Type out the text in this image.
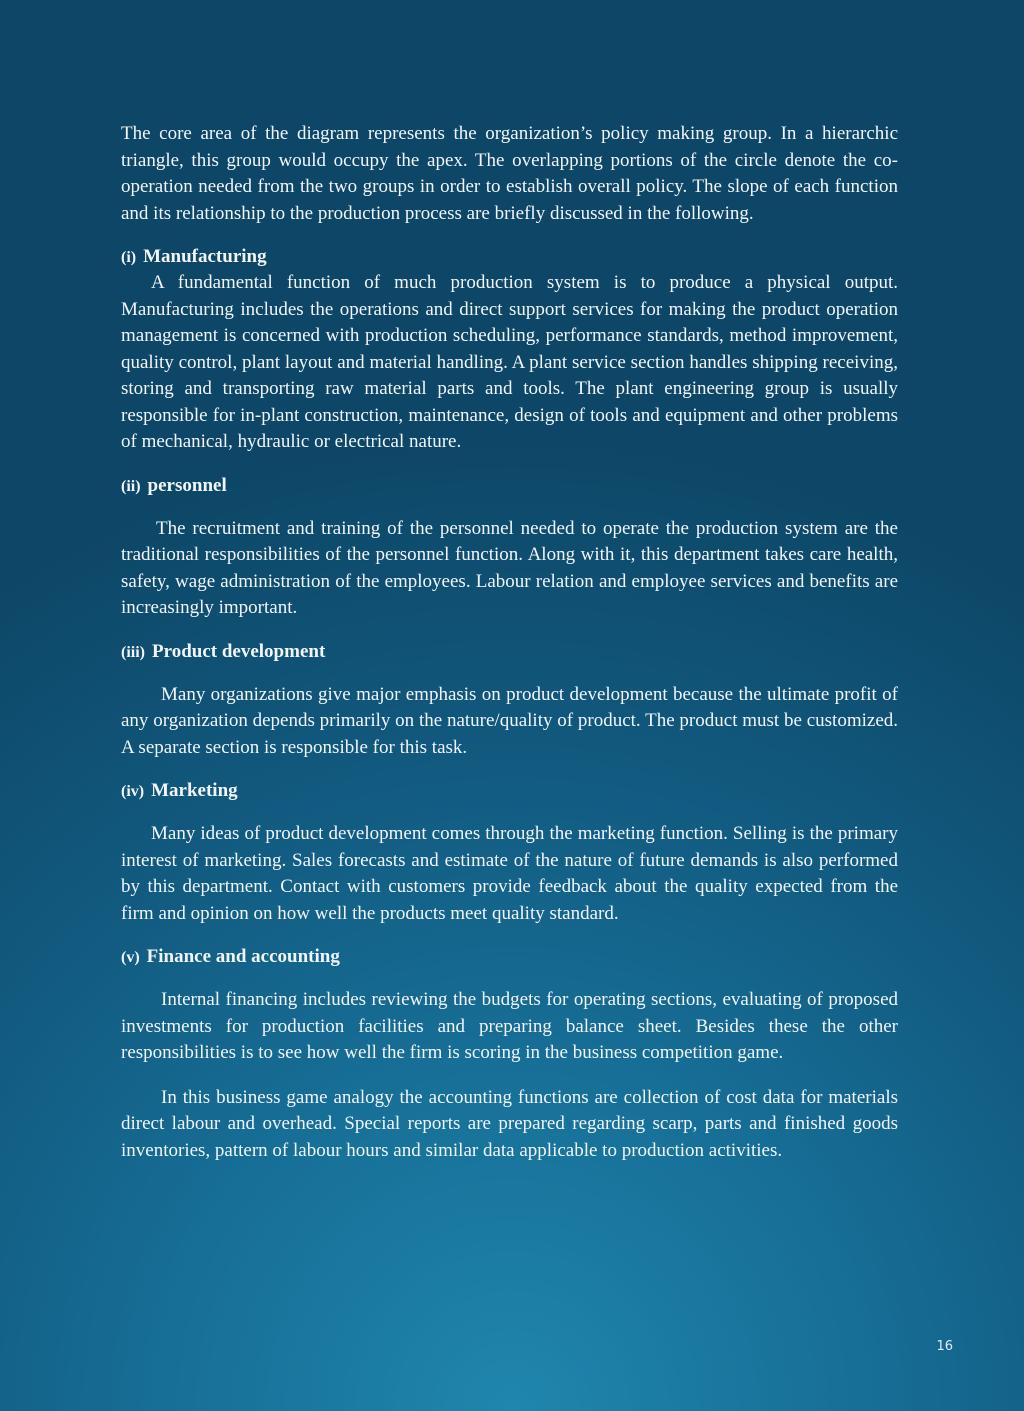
The core area of the diagram represents the organization’s policy making group. In a hierarchic triangle, this group would occupy the apex. The overlapping portions of the circle denote the co-operation needed from the two groups in order to establish overall policy. The slope of each function and its relationship to the production process are briefly discussed in the following.

(i) Manufacturing

A fundamental function of much production system is to produce a physical output. Manufacturing includes the operations and direct support services for making the product operation management is concerned with production scheduling, performance standards, method improvement, quality control, plant layout and material handling. A plant service section handles shipping receiving, storing and transporting raw material parts and tools. The plant engineering group is usually responsible for in-plant construction, maintenance, design of tools and equipment and other problems of mechanical, hydraulic or electrical nature.

(ii) personnel

The recruitment and training of the personnel needed to operate the production system are the traditional responsibilities of the personnel function. Along with it, this department takes care health, safety, wage administration of the employees. Labour relation and employee services and benefits are increasingly important.

(iii) Product development

Many organizations give major emphasis on product development because the ultimate profit of any organization depends primarily on the nature/quality of product. The product must be customized. A separate section is responsible for this task.

(iv) Marketing

Many ideas of product development comes through the marketing function. Selling is the primary interest of marketing. Sales forecasts and estimate of the nature of future demands is also performed by this department. Contact with customers provide feedback about the quality expected from the firm and opinion on how well the products meet quality standard.

(v) Finance and accounting

Internal financing includes reviewing the budgets for operating sections, evaluating of proposed investments for production facilities and preparing balance sheet. Besides these the other responsibilities is to see how well the firm is scoring in the business competition game.

In this business game analogy the accounting functions are collection of cost data for materials direct labour and overhead. Special reports are prepared regarding scarp, parts and finished goods inventories, pattern of labour hours and similar data applicable to production activities.

16
